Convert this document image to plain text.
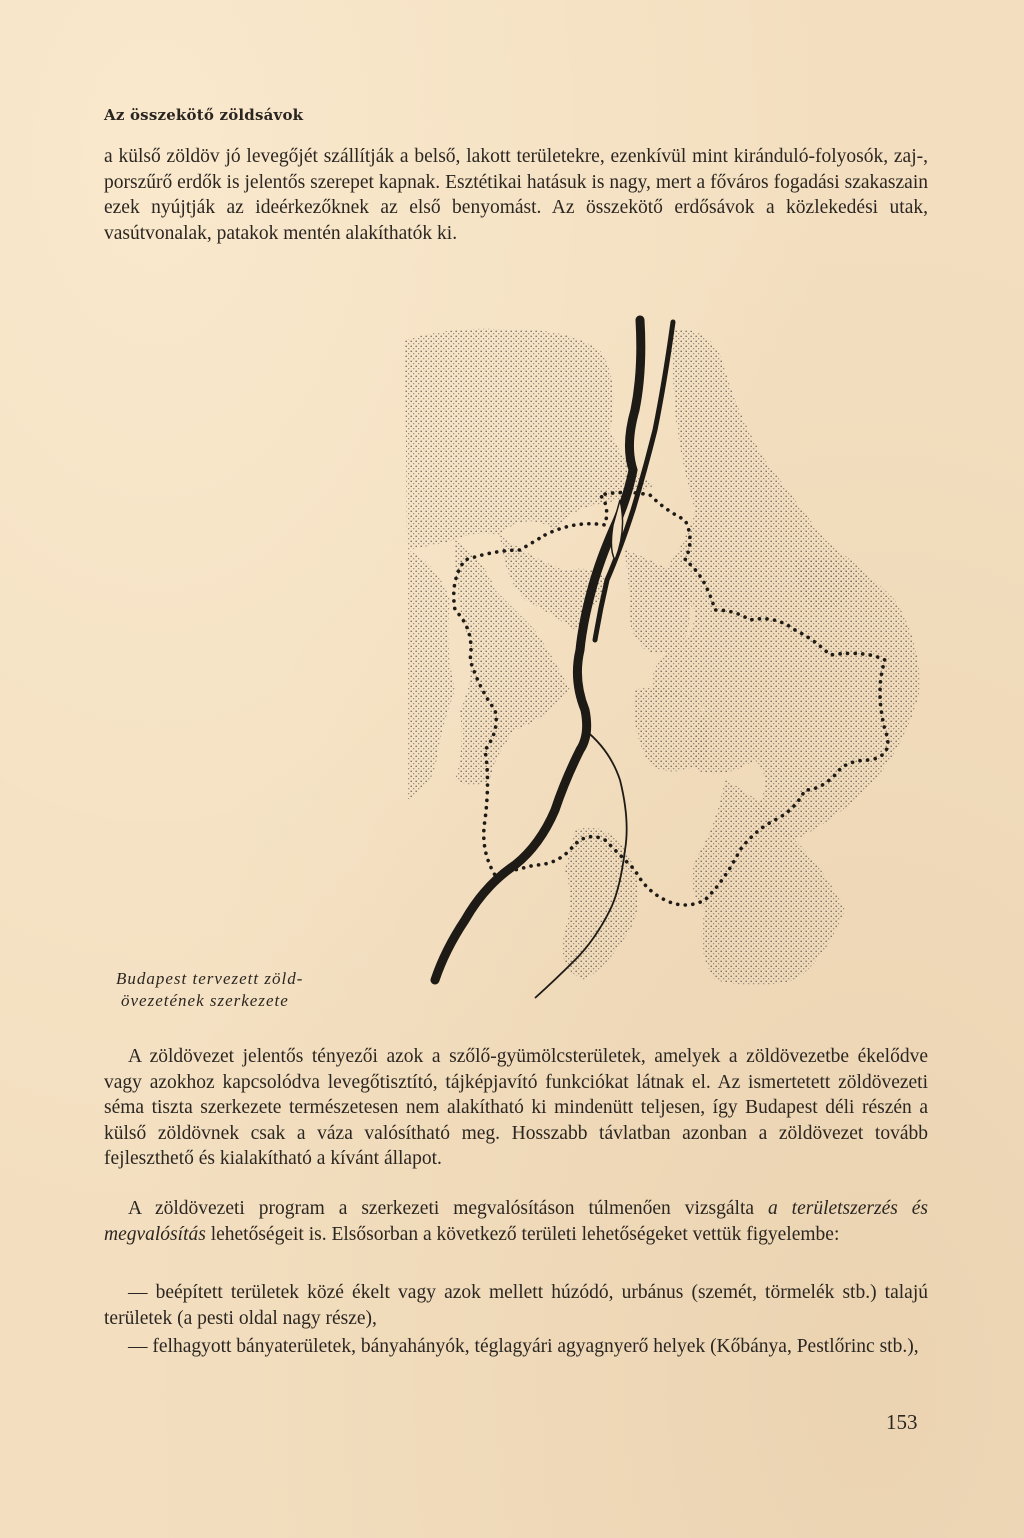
Az összekötő zöldsávok
a külső zöldöv jó levegőjét szállítják a belső, lakott területekre, ezenkívül mint kiránduló-folyosók, zaj-, porszűrő erdők is jelentős szerepet kapnak. Esztétikai hatásuk is nagy, mert a főváros fogadási szakaszain ezek nyújtják az ideérkezőknek az első benyomást. Az összekötő erdősávok a közlekedési utak, vasútvonalak, patakok mentén alakíthatók ki.
Budapest tervezett zöld-
övezetének szerkezete
A zöldövezet jelentős tényezői azok a szőlő-gyümölcsterületek, amelyek a zöldövezetbe ékelődve vagy azokhoz kapcsolódva levegőtisztító, tájképjavító funkciókat látnak el. Az ismertetett zöldövezeti séma tiszta szerkezete természetesen nem alakítható ki mindenütt teljesen, így Budapest déli részén a külső zöldövnek csak a váza valósítható meg. Hosszabb távlatban azonban a zöldövezet tovább fejleszthető és kialakítható a kívánt állapot.
A zöldövezeti program a szerkezeti megvalósításon túlmenően vizsgálta a területszerzés és megvalósítás lehetőségeit is. Elsősorban a következő területi lehetőségeket vettük figyelembe:
— beépített területek közé ékelt vagy azok mellett húzódó, urbánus (szemét, törmelék stb.) talajú területek (a pesti oldal nagy része),
— felhagyott bányaterületek, bányahányók, téglagyári agyagnyerő helyek (Kőbánya, Pestlőrinc stb.),
153
